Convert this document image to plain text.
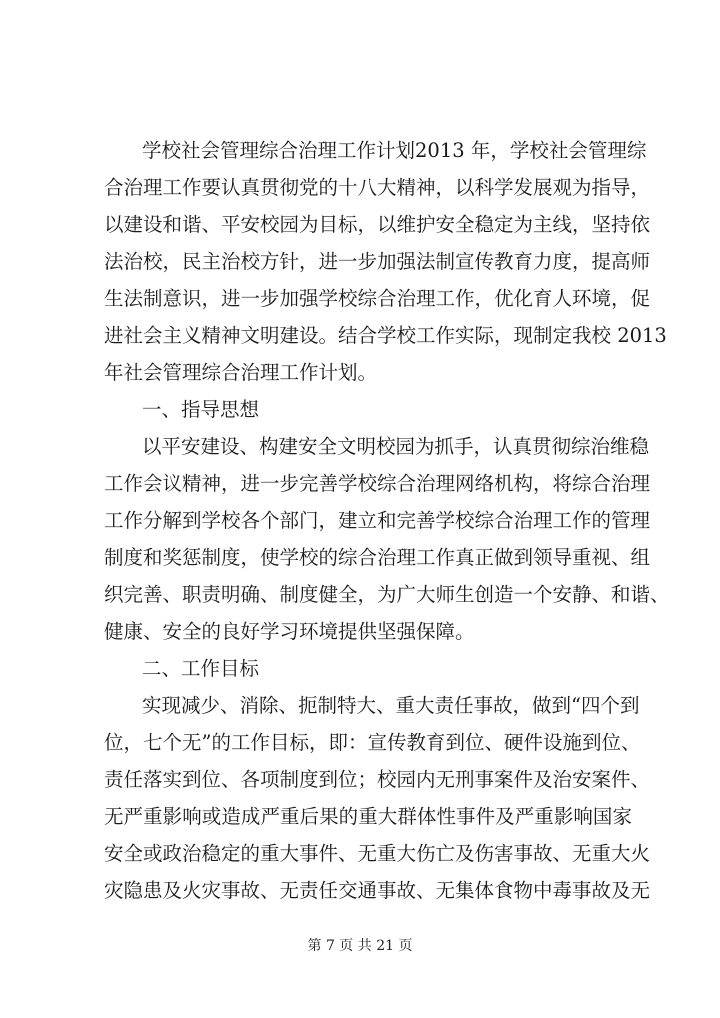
学校社会管理综合治理工作计划2013 年，学校社会管理综
合治理工作要认真贯彻党的十八大精神，以科学发展观为指导，
以建设和谐、平安校园为目标，以维护安全稳定为主线，坚持依
法治校，民主治校方针，进一步加强法制宣传教育力度，提高师
生法制意识，进一步加强学校综合治理工作，优化育人环境，促
进社会主义精神文明建设。结合学校工作实际，现制定我校 2013
年社会管理综合治理工作计划。
一、指导思想
以平安建设、构建安全文明校园为抓手，认真贯彻综治维稳
工作会议精神，进一步完善学校综合治理网络机构，将综合治理
工作分解到学校各个部门，建立和完善学校综合治理工作的管理
制度和奖惩制度，使学校的综合治理工作真正做到领导重视、组
织完善、职责明确、制度健全，为广大师生创造一个安静、和谐、
健康、安全的良好学习环境提供坚强保障。
二、工作目标
实现减少、消除、扼制特大、重大责任事故，做到“四个到
位，七个无”的工作目标，即：宣传教育到位、硬件设施到位、
责任落实到位、各项制度到位；校园内无刑事案件及治安案件、
无严重影响或造成严重后果的重大群体性事件及严重影响国家
安全或政治稳定的重大事件、无重大伤亡及伤害事故、无重大火
灾隐患及火灾事故、无责任交通事故、无集体食物中毒事故及无
第 7 页 共 21 页
